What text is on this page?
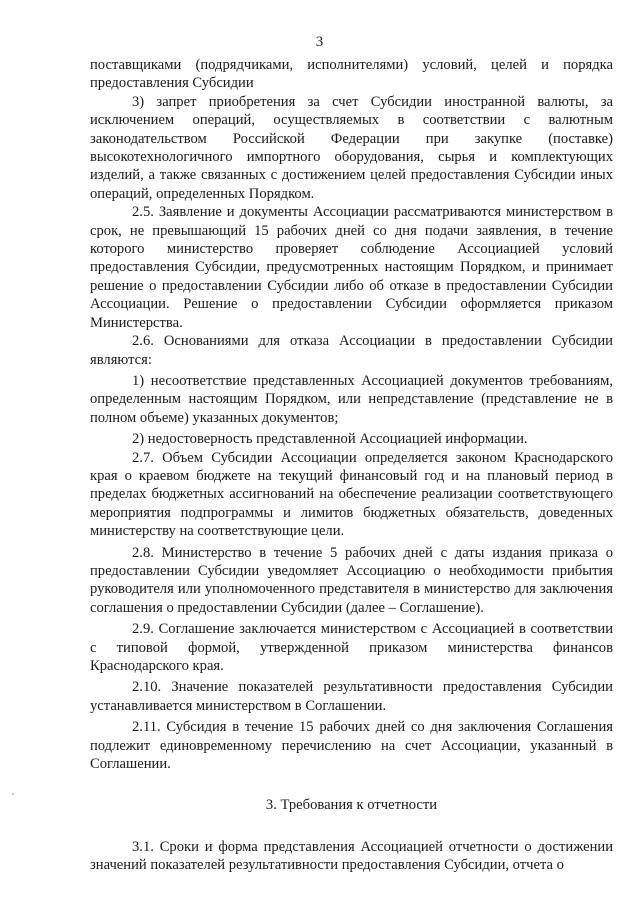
3

поставщиками (подрядчиками, исполнителями) условий, целей и порядка предоставления Субсидии

3) запрет приобретения за счет Субсидии иностранной валюты, за исключением операций, осуществляемых в соответствии с валютным законодательством Российской Федерации при закупке (поставке) высокотехнологичного импортного оборудования, сырья и комплектующих изделий, а также связанных с достижением целей предоставления Субсидии иных операций, определенных Порядком.

2.5. Заявление и документы Ассоциации рассматриваются министерством в срок, не превышающий 15 рабочих дней со дня подачи заявления, в течение которого министерство проверяет соблюдение Ассоциацией условий предоставления Субсидии, предусмотренных настоящим Порядком, и принимает решение о предоставлении Субсидии либо об отказе в предоставлении Субсидии Ассоциации. Решение о предоставлении Субсидии оформляется приказом Министерства.

2.6. Основаниями для отказа Ассоциации в предоставлении Субсидии являются:

1) несоответствие представленных Ассоциацией документов требованиям, определенным настоящим Порядком, или непредставление (представление не в полном объеме) указанных документов;

2) недостоверность представленной Ассоциацией информации.

2.7. Объем Субсидии Ассоциации определяется законом Краснодарского края о краевом бюджете на текущий финансовый год и на плановый период в пределах бюджетных ассигнований на обеспечение реализации соответствующего мероприятия подпрограммы и лимитов бюджетных обязательств, доведенных министерству на соответствующие цели.

2.8. Министерство в течение 5 рабочих дней с даты издания приказа о предоставлении Субсидии уведомляет Ассоциацию о необходимости прибытия руководителя или уполномоченного представителя в министерство для заключения соглашения о предоставлении Субсидии (далее – Соглашение).

2.9. Соглашение заключается министерством с Ассоциацией в соответствии с типовой формой, утвержденной приказом министерства финансов Краснодарского края.

2.10. Значение показателей результативности предоставления Субсидии устанавливается министерством в Соглашении.

2.11. Субсидия в течение 15 рабочих дней со дня заключения Соглашения подлежит единовременному перечислению на счет Ассоциации, указанный в Соглашении.

3. Требования к отчетности

3.1. Сроки и форма представления Ассоциацией отчетности о достижении значений показателей результативности предоставления Субсидии, отчета о
